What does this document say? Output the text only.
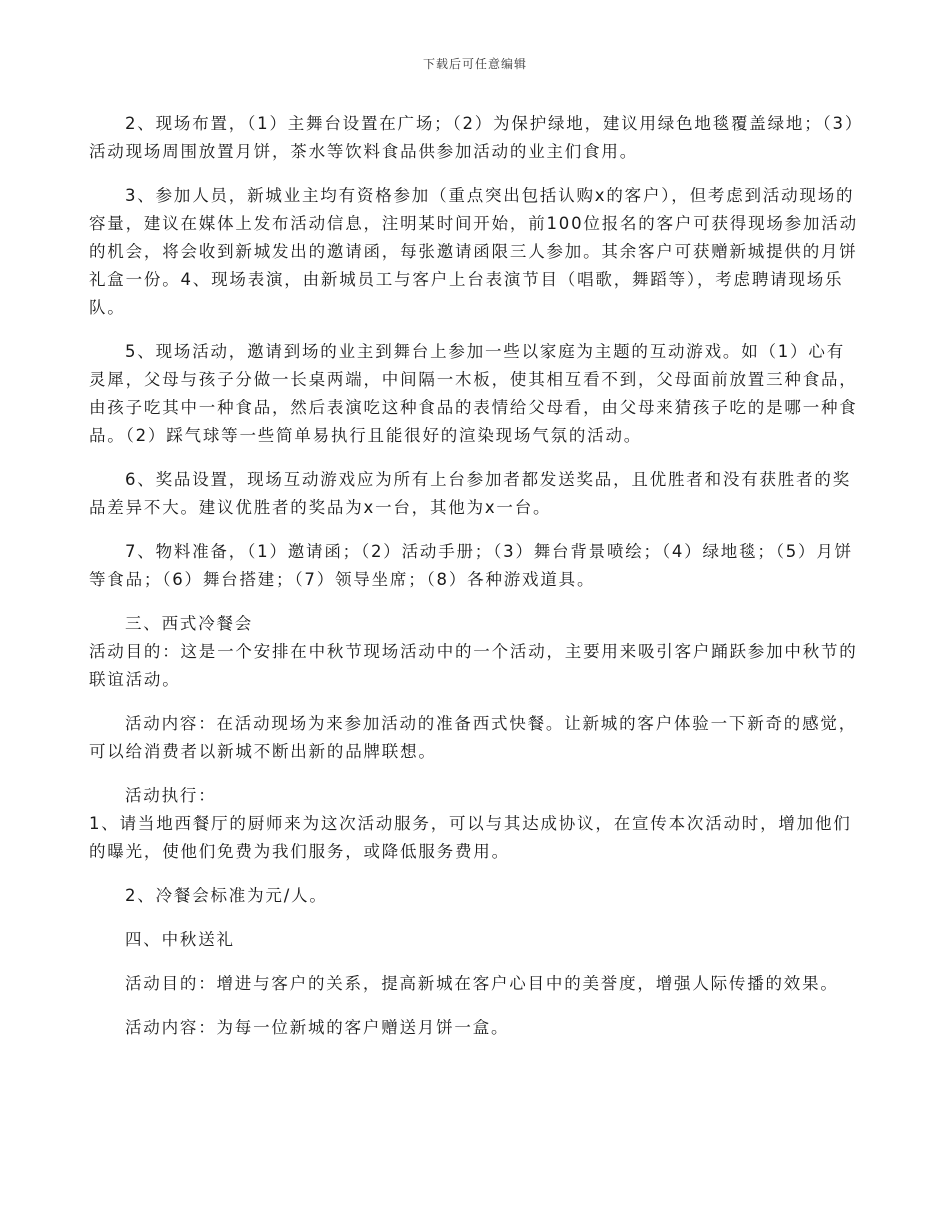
下载后可任意编辑

2、现场布置，（1）主舞台设置在广场；（2）为保护绿地，建议用绿色地毯覆盖绿地；（3）活动现场周围放置月饼，茶水等饮料食品供参加活动的业主们食用。

3、参加人员，新城业主均有资格参加（重点突出包括认购x的客户），但考虑到活动现场的容量，建议在媒体上发布活动信息，注明某时间开始，前100位报名的客户可获得现场参加活动的机会，将会收到新城发出的邀请函，每张邀请函限三人参加。其余客户可获赠新城提供的月饼礼盒一份。4、现场表演，由新城员工与客户上台表演节目（唱歌，舞蹈等），考虑聘请现场乐队。

5、现场活动，邀请到场的业主到舞台上参加一些以家庭为主题的互动游戏。如（1）心有灵犀，父母与孩子分做一长桌两端，中间隔一木板，使其相互看不到，父母面前放置三种食品，由孩子吃其中一种食品，然后表演吃这种食品的表情给父母看，由父母来猜孩子吃的是哪一种食品。（2）踩气球等一些简单易执行且能很好的渲染现场气氛的活动。

6、奖品设置，现场互动游戏应为所有上台参加者都发送奖品，且优胜者和没有获胜者的奖品差异不大。建议优胜者的奖品为x一台，其他为x一台。

7、物料准备，（1）邀请函；（2）活动手册；（3）舞台背景喷绘；（4）绿地毯；（5）月饼等食品；（6）舞台搭建；（7）领导坐席；（8）各种游戏道具。

三、西式冷餐会

活动目的：这是一个安排在中秋节现场活动中的一个活动，主要用来吸引客户踊跃参加中秋节的联谊活动。

活动内容：在活动现场为来参加活动的准备西式快餐。让新城的客户体验一下新奇的感觉，可以给消费者以新城不断出新的品牌联想。

活动执行：

1、请当地西餐厅的厨师来为这次活动服务，可以与其达成协议，在宣传本次活动时，增加他们的曝光，使他们免费为我们服务，或降低服务费用。

2、冷餐会标准为元/人。

四、中秋送礼

活动目的：增进与客户的关系，提高新城在客户心目中的美誉度，增强人际传播的效果。

活动内容：为每一位新城的客户赠送月饼一盒。
